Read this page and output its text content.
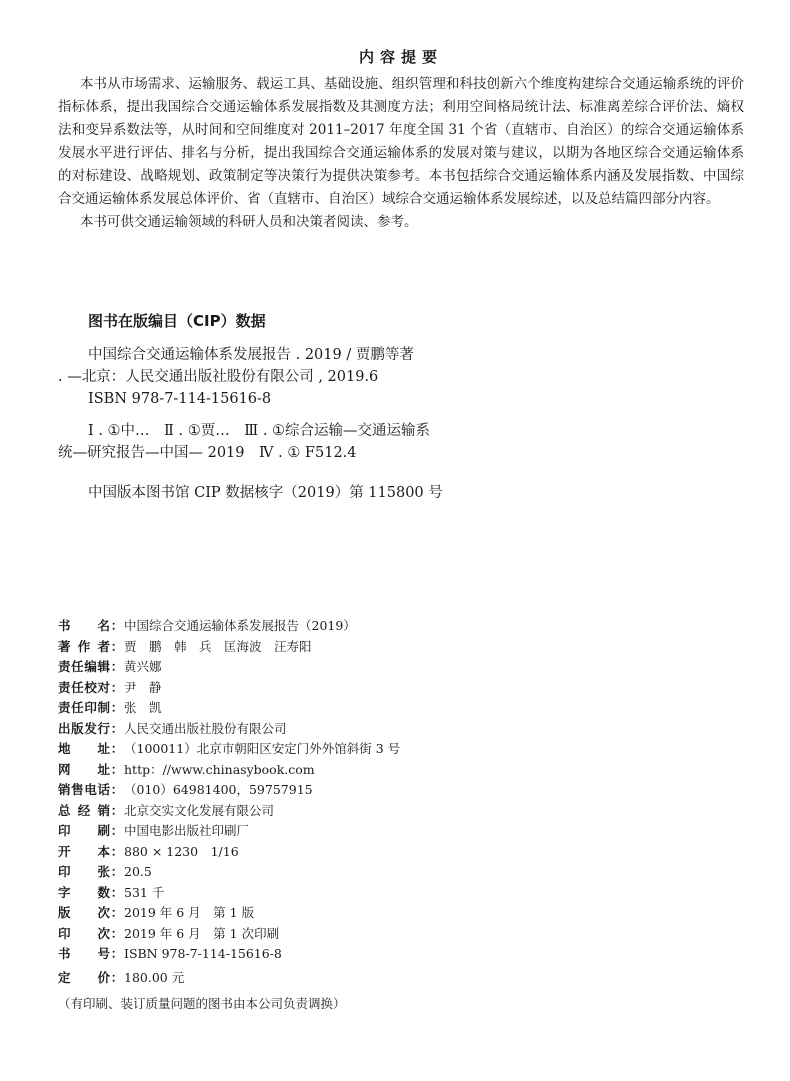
内容提要

本书从市场需求、运输服务、载运工具、基础设施、组织管理和科技创新六个维度构建综合交通运输系统的评价指标体系，提出我国综合交通运输体系发展指数及其测度方法；利用空间格局统计法、标准离差综合评价法、熵权法和变异系数法等，从时间和空间维度对 2011–2017 年度全国 31 个省（直辖市、自治区）的综合交通运输体系发展水平进行评估、排名与分析，提出我国综合交通运输体系的发展对策与建议，以期为各地区综合交通运输体系的对标建设、战略规划、政策制定等决策行为提供决策参考。本书包括综合交通运输体系内涵及发展指数、中国综合交通运输体系发展总体评价、省（直辖市、自治区）域综合交通运输体系发展综述，以及总结篇四部分内容。

本书可供交通运输领域的科研人员和决策者阅读、参考。

图书在版编目（CIP）数据

中国综合交通运输体系发展报告 . 2019 / 贾鹏等著

. —北京：人民交通出版社股份有限公司 , 2019.6

ISBN 978-7-114-15616-8

Ⅰ . ①中…　Ⅱ . ①贾…　Ⅲ . ①综合运输—交通运输系

统—研究报告—中国— 2019　Ⅳ . ① F512.4

中国版本图书馆 CIP 数据核字（2019）第 115800 号

书名 ： 中国综合交通运输体系发展报告（2019）
著作者 ： 贾　鹏　韩　兵　匡海波　汪寿阳
责任编辑 ： 黄兴娜
责任校对 ： 尹　静
责任印制 ： 张　凯
出版发行 ： 人民交通出版社股份有限公司
地址 ： （100011）北京市朝阳区安定门外外馆斜街 3 号
网址 ： http：//www.chinasybook.com
销售电话 ： （010）64981400，59757915
总经销 ： 北京交实文化发展有限公司
印刷 ： 中国电影出版社印刷厂
开本 ： 880 × 1230　1/16
印张 ： 20.5
字数 ： 531 千
版次 ： 2019 年 6 月　第 1 版
印次 ： 2019 年 6 月　第 1 次印刷
书号 ： ISBN 978-7-114-15616-8
定价 ： 180.00 元
（有印刷、装订质量问题的图书由本公司负责调换）
